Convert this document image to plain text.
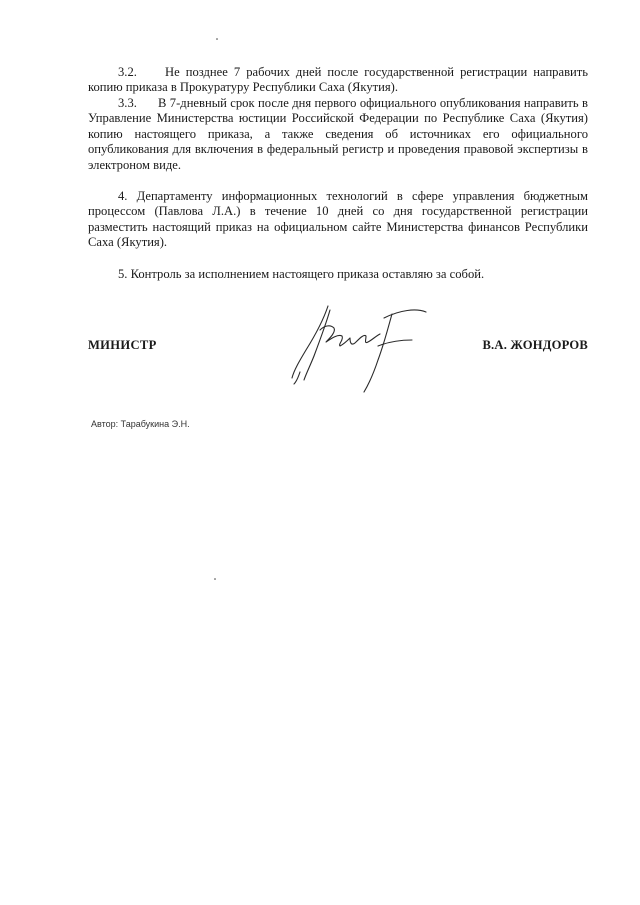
3.2. Не позднее 7 рабочих дней после государственной регистрации направить копию приказа в Прокуратуру Республики Саха (Якутия).

3.3. В 7-дневный срок после дня первого официального опубликования направить в Управление Министерства юстиции Российской Федерации по Республике Саха (Якутия) копию настоящего приказа, а также сведения об источниках его официального опубликования для включения в федеральный регистр и проведения правовой экспертизы в электроном виде.

4. Департаменту информационных технологий в сфере управления бюджетным процессом (Павлова Л.А.) в течение 10 дней со дня государственной регистрации разместить настоящий приказ на официальном сайте Министерства финансов Республики Саха (Якутия).

5. Контроль за исполнением настоящего приказа оставляю за собой.

МИНИСТР	В.А. ЖОНДОРОВ
Автор: Тарабукина Э.Н.
